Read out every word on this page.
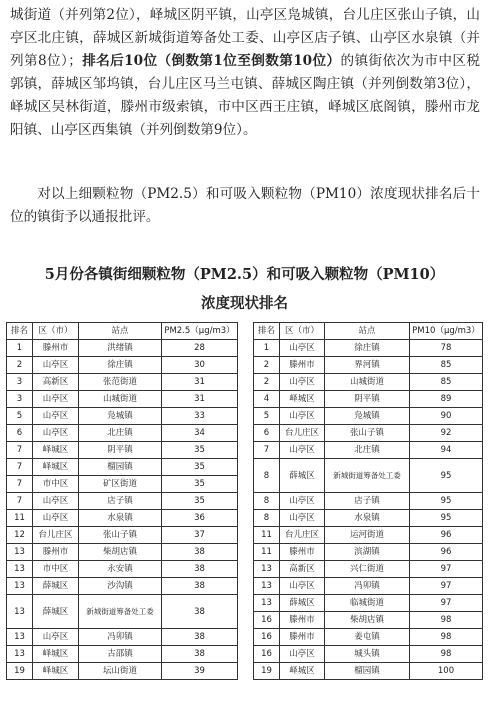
城街道（并列第2位），峄城区阴平镇，山亭区凫城镇，台儿庄区张山子镇，山亭区北庄镇，薛城区新城街道筹备处工委、山亭区店子镇、山亭区水泉镇（并列第8位）；排名后10位（倒数第1位至倒数第10位）的镇街依次为市中区税郭镇，薛城区邹坞镇，台儿庄区马兰屯镇、薛城区陶庄镇（并列倒数第3位），峄城区吴林街道，滕州市级索镇，市中区西王庄镇，峄城区底阁镇，滕州市龙阳镇、山亭区西集镇（并列倒数第9位）。

对以上细颗粒物（PM2.5）和可吸入颗粒物（PM10）浓度现状排名后十位的镇街予以通报批评。

5月份各镇街细颗粒物（PM2.5）和可吸入颗粒物（PM10）

浓度现状排名

排名	区（市）	站点	PM2.5（μg/m3）
1	滕州市	洪绪镇	28
2	山亭区	徐庄镇	30
3	高新区	张范街道	31
3	山亭区	山城街道	31
5	山亭区	凫城镇	33
6	山亭区	北庄镇	34
7	峄城区	阴平镇	35
7	峄城区	榴园镇	35
7	市中区	矿区街道	35
7	山亭区	店子镇	35
11	山亭区	水泉镇	36
12	台儿庄区	张山子镇	37
13	滕州市	柴胡店镇	38
13	市中区	永安镇	38
13	薛城区	沙沟镇	38
13	薛城区	新城街道筹备处工委	38
13	山亭区	冯卯镇	38
13	峄城区	古邵镇	38
19	峄城区	坛山街道	39
排名	区（市）	站点	PM10（μg/m3）
1	山亭区	徐庄镇	78
2	滕州市	界河镇	85
2	山亭区	山城街道	85
4	峄城区	阴平镇	89
5	山亭区	凫城镇	90
6	台儿庄区	张山子镇	92
7	山亭区	北庄镇	94
8	薛城区	新城街道筹备处工委	95
8	山亭区	店子镇	95
8	山亭区	水泉镇	95
11	台儿庄区	运河街道	96
11	滕州市	滨湖镇	96
13	高新区	兴仁街道	97
13	山亭区	冯卯镇	97
13	薛城区	临城街道	97
16	滕州市	柴胡店镇	98
16	滕州市	姜屯镇	98
16	山亭区	城头镇	98
19	峄城区	榴园镇	100
